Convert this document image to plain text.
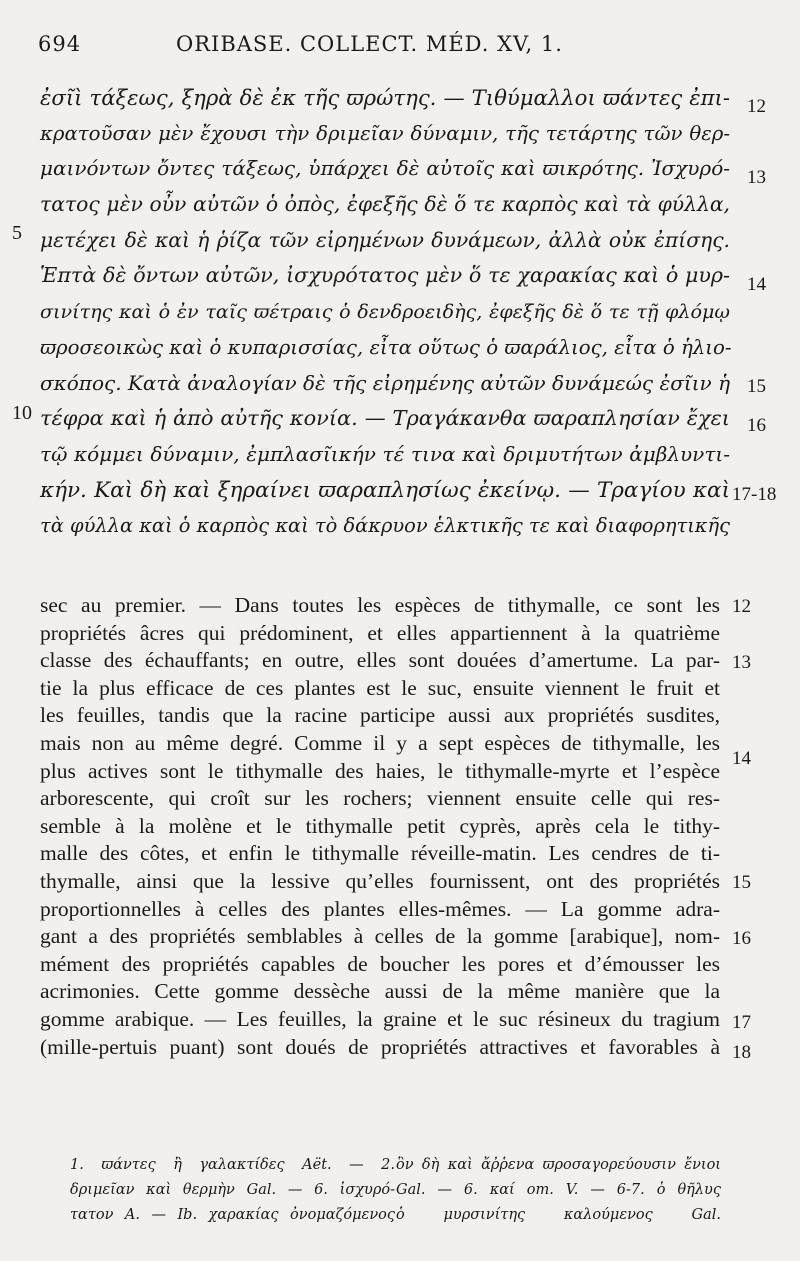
694	ORIBASE. COLLECT. MÉD. XV, 1.
ἐσῖὶ τάξεως, ξηρὰ δὲ ἐκ τῆς ϖρώτης. — Τιθύμαλλοι ϖάντες ἐπι-
κρατοῦσαν μὲν ἔχουσι τὴν δριμεῖαν δύναμιν, τῆς τετάρτης τῶν θερ-
μαινόντων ὄντες τάξεως, ὑπάρχει δὲ αὐτοῖς καὶ ϖικρότης. Ἰσχυρό-
τατος μὲν οὖν αὐτῶν ὁ ὀπὸς, ἐφεξῆς δὲ ὅ τε καρπὸς καὶ τὰ φύλλα,
μετέχει δὲ καὶ ἡ ῥίζα τῶν εἰρημένων δυνάμεων, ἀλλὰ οὐκ ἐπίσης.
Ἑπτὰ δὲ ὄντων αὐτῶν, ἰσχυρότατος μὲν ὅ τε χαρακίας καὶ ὁ μυρ-
σινίτης καὶ ὁ ἐν ταῖς ϖέτραις ὁ δενδροειδὴς, ἐφεξῆς δὲ ὅ τε τῇ φλόμῳ
ϖροσεοικὼς καὶ ὁ κυπαρισσίας, εἶτα οὕτως ὁ ϖαράλιος, εἶτα ὁ ἡλιο-
σκόπος. Κατὰ ἀναλογίαν δὲ τῆς εἰρημένης αὐτῶν δυνάμεώς ἐσῖιν ἡ
τέφρα καὶ ἡ ἀπὸ αὐτῆς κονία. — Τραγάκανθα ϖαραπλησίαν ἔχει
τῷ κόμμει δύναμιν, ἐμπλασῖικήν τέ τινα καὶ δριμυτήτων ἀμβλυντι-
κήν. Καὶ δὴ καὶ ξηραίνει ϖαραπλησίως ἐκείνῳ. — Τραγίου καὶ
τὰ φύλλα καὶ ὁ καρπὸς καὶ τὸ δάκρυον ἑλκτικῆς τε καὶ διαφορητικῆς
5
10
12
13
14
15
16
17-18
sec au premier. — Dans toutes les espèces de tithymalle, ce sont les
propriétés âcres qui prédominent, et elles appartiennent à la quatrième
classe des échauffants; en outre, elles sont douées d’amertume. La par-
tie la plus efficace de ces plantes est le suc, ensuite viennent le fruit et
les feuilles, tandis que la racine participe aussi aux propriétés susdites,
mais non au même degré. Comme il y a sept espèces de tithymalle, les
plus actives sont le tithymalle des haies, le tithymalle-myrte et l’espèce
arborescente, qui croît sur les rochers; viennent ensuite celle qui res-
semble à la molène et le tithymalle petit cyprès, après cela le tithy-
malle des côtes, et enfin le tithymalle réveille-matin. Les cendres de ti-
thymalle, ainsi que la lessive qu’elles fournissent, ont des propriétés
proportionnelles à celles des plantes elles-mêmes. — La gomme adra-
gant a des propriétés semblables à celles de la gomme [arabique], nom-
mément des propriétés capables de boucher les pores et d’émousser les
acrimonies. Cette gomme dessèche aussi de la même manière que la
gomme arabique. — Les feuilles, la graine et le suc résineux du tragium
(mille-pertuis puant) sont doués de propriétés attractives et favorables à
12
13
14
15
16
17
18
1. ϖάντες ἢ γαλακτίδες Aët. — 2.
δριμεῖαν καὶ θερμὴν Gal. — 6. ἰσχυρό-
τατον A. — Ib. χαρακίας ὀνομαζόμενος
ὃν δὴ καὶ ἄῤῥενα ϖροσαγορεύουσιν ἔνιοι
Gal. — 6. καί om. V. — 6-7. ὁ θῆλυς
ὁ μυρσινίτης καλούμενος Gal.
